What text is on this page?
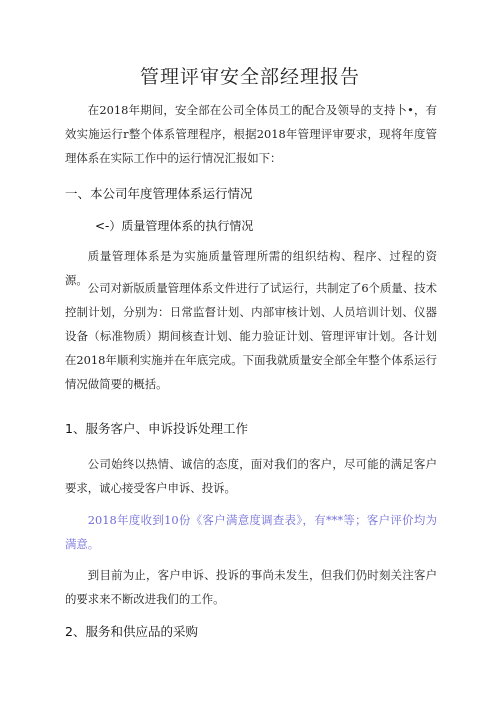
管理评审安全部经理报告

在2018年期间，安全部在公司全体员工的配合及领导的支持卜•，有效实施运行r整个体系管理程序，根据2018年管理评审要求，现将年度管理体系在实际工作中的运行情况汇报如下：

一、本公司年度管理体系运行情况

<-）质量管理体系的执行情况

质量管理体系是为实施质量管理所需的组织结构、程序、过程的资源。

公司对新版质量管理体系文件进行了试运行，共制定了6个质量、技术控制计划，分别为：日常监督计划、内部审核计划、人员培训计划、仪器设备（标准物质）期间核查计划、能力验证计划、管理评审计划。各计划在2018年顺利实施并在年底完成。下面我就质量安全部全年整个体系运行情况做简要的概括。

1、服务客户、申诉投诉处理工作

公司始终以热情、诚信的态度，面对我们的客户，尽可能的满足客户要求，诚心接受客户申诉、投诉。

2018年度收到10份《客户满意度调查表》，有***等；客户评价均为满意。

到目前为止，客户申诉、投诉的事尚未发生，但我们仍时刻关注客户的要求来不断改进我们的工作。

2、服务和供应品的采购
